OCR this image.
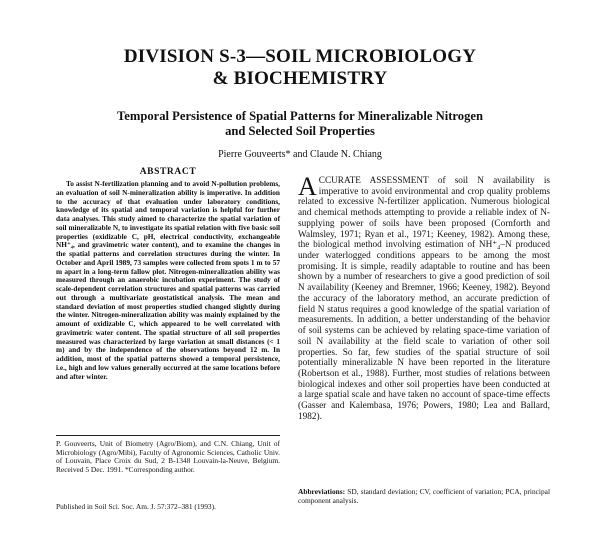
DIVISION S-3—SOIL MICROBIOLOGY
& BIOCHEMISTRY
Temporal Persistence of Spatial Patterns for Mineralizable Nitrogen
and Selected Soil Properties
Pierre Gouveerts* and Claude N. Chiang
ABSTRACT
To assist N-fertilization planning and to avoid N-pollution problems, an evaluation of soil N-mineralization ability is imperative. In addition to the accuracy of that evaluation under laboratory conditions, knowledge of its spatial and temporal variation is helpful for further data analyses. This study aimed to characterize the spatial variation of soil mineralizable N, to investigate its spatial relation with five basic soil properties (oxidizable C, pH, electrical conductivity, exchangeable NH⁺₄, and gravimetric water content), and to examine the changes in the spatial patterns and correlation structures during the winter. In October and April 1989, 73 samples were collected from spots 1 m to 57 m apart in a long-term fallow plot. Nitrogen-mineralization ability was measured through an anaerobic incubation experiment. The study of scale-dependent correlation structures and spatial patterns was carried out through a multivariate geostatistical analysis. The mean and standard deviation of most properties studied changed slightly during the winter. Nitrogen-mineralization ability was mainly explained by the amount of oxidizable C, which appeared to be well correlated with gravimetric water content. The spatial structure of all soil properties measured was characterized by large variation at small distances (< 1 m) and by the independence of the observations beyond 12 m. In addition, most of the spatial patterns showed a temporal persistence, i.e., high and low values generally occurred at the same locations before and after winter.
P. Gouveerts, Unit of Biometry (Agro/Biom), and C.N. Chiang, Unit of Microbiology (Agro/Mibi), Faculty of Agronomic Sciences, Catholic Univ. of Louvain, Place Croix du Sud, 2 B-1348 Louvain-la-Neuve, Belgium. Received 5 Dec. 1991. *Corresponding author.
Published in Soil Sci. Soc. Am. J. 57:372–381 (1993).
ACCURATE ASSESSMENT of soil N availability is imperative to avoid environmental and crop quality problems related to excessive N-fertilizer application. Numerous biological and chemical methods attempting to provide a reliable index of N-supplying power of soils have been proposed (Cornforth and Walmsley, 1971; Ryan et al., 1971; Keeney, 1982). Among these, the biological method involving estimation of NH⁺₄–N produced under waterlogged conditions appears to be among the most promising. It is simple, readily adaptable to routine and has been shown by a number of researchers to give a good prediction of soil N availability (Keeney and Bremner, 1966; Keeney, 1982). Beyond the accuracy of the laboratory method, an accurate prediction of field N status requires a good knowledge of the spatial variation of measurements. In addition, a better understanding of the behavior of soil systems can be achieved by relating space-time variation of soil N availability at the field scale to variation of other soil properties. So far, few studies of the spatial structure of soil potentially mineralizable N have been reported in the literature (Robertson et al., 1988). Further, most studies of relations between biological indexes and other soil properties have been conducted at a large spatial scale and have taken no account of space-time effects (Gasser and Kalembasa, 1976; Powers, 1980; Lea and Ballard, 1982).
Abbreviations: SD, standard deviation; CV, coefficient of variation; PCA, principal component analysis.
